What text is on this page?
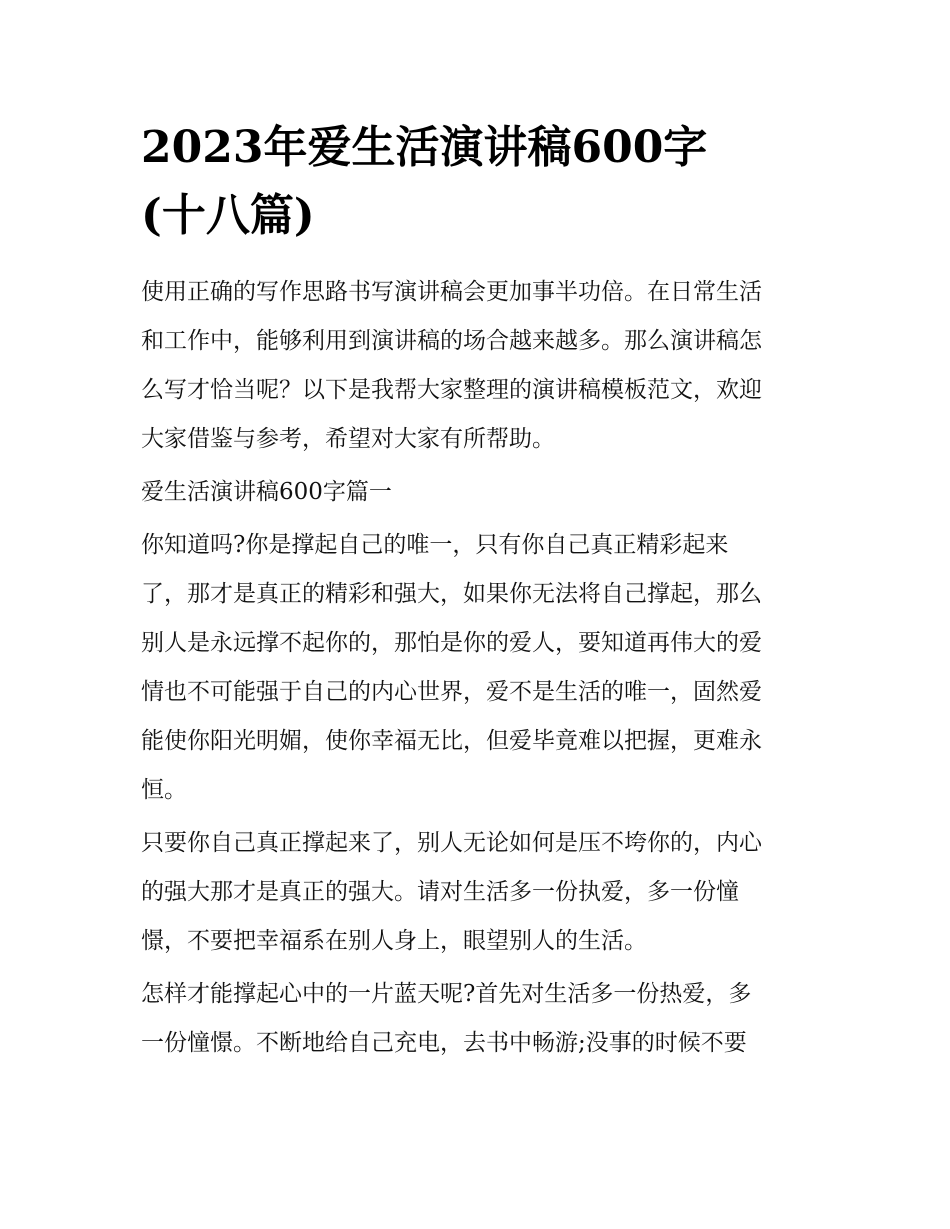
2023年爱生活演讲稿600字
(十八篇)
使用正确的写作思路书写演讲稿会更加事半功倍。在日常生活
和工作中，能够利用到演讲稿的场合越来越多。那么演讲稿怎
么写才恰当呢？以下是我帮大家整理的演讲稿模板范文，欢迎
大家借鉴与参考，希望对大家有所帮助。
爱生活演讲稿600字篇一
你知道吗?你是撑起自己的唯一，只有你自己真正精彩起来
了，那才是真正的精彩和强大，如果你无法将自己撑起，那么
别人是永远撑不起你的，那怕是你的爱人，要知道再伟大的爱
情也不可能强于自己的内心世界，爱不是生活的唯一，固然爱
能使你阳光明媚，使你幸福无比，但爱毕竟难以把握，更难永
恒。
只要你自己真正撑起来了，别人无论如何是压不垮你的，内心
的强大那才是真正的强大。请对生活多一份执爱，多一份憧
憬，不要把幸福系在别人身上，眼望别人的生活。
怎样才能撑起心中的一片蓝天呢?首先对生活多一份热爱，多
一份憧憬。不断地给自己充电，去书中畅游;没事的时候不要
